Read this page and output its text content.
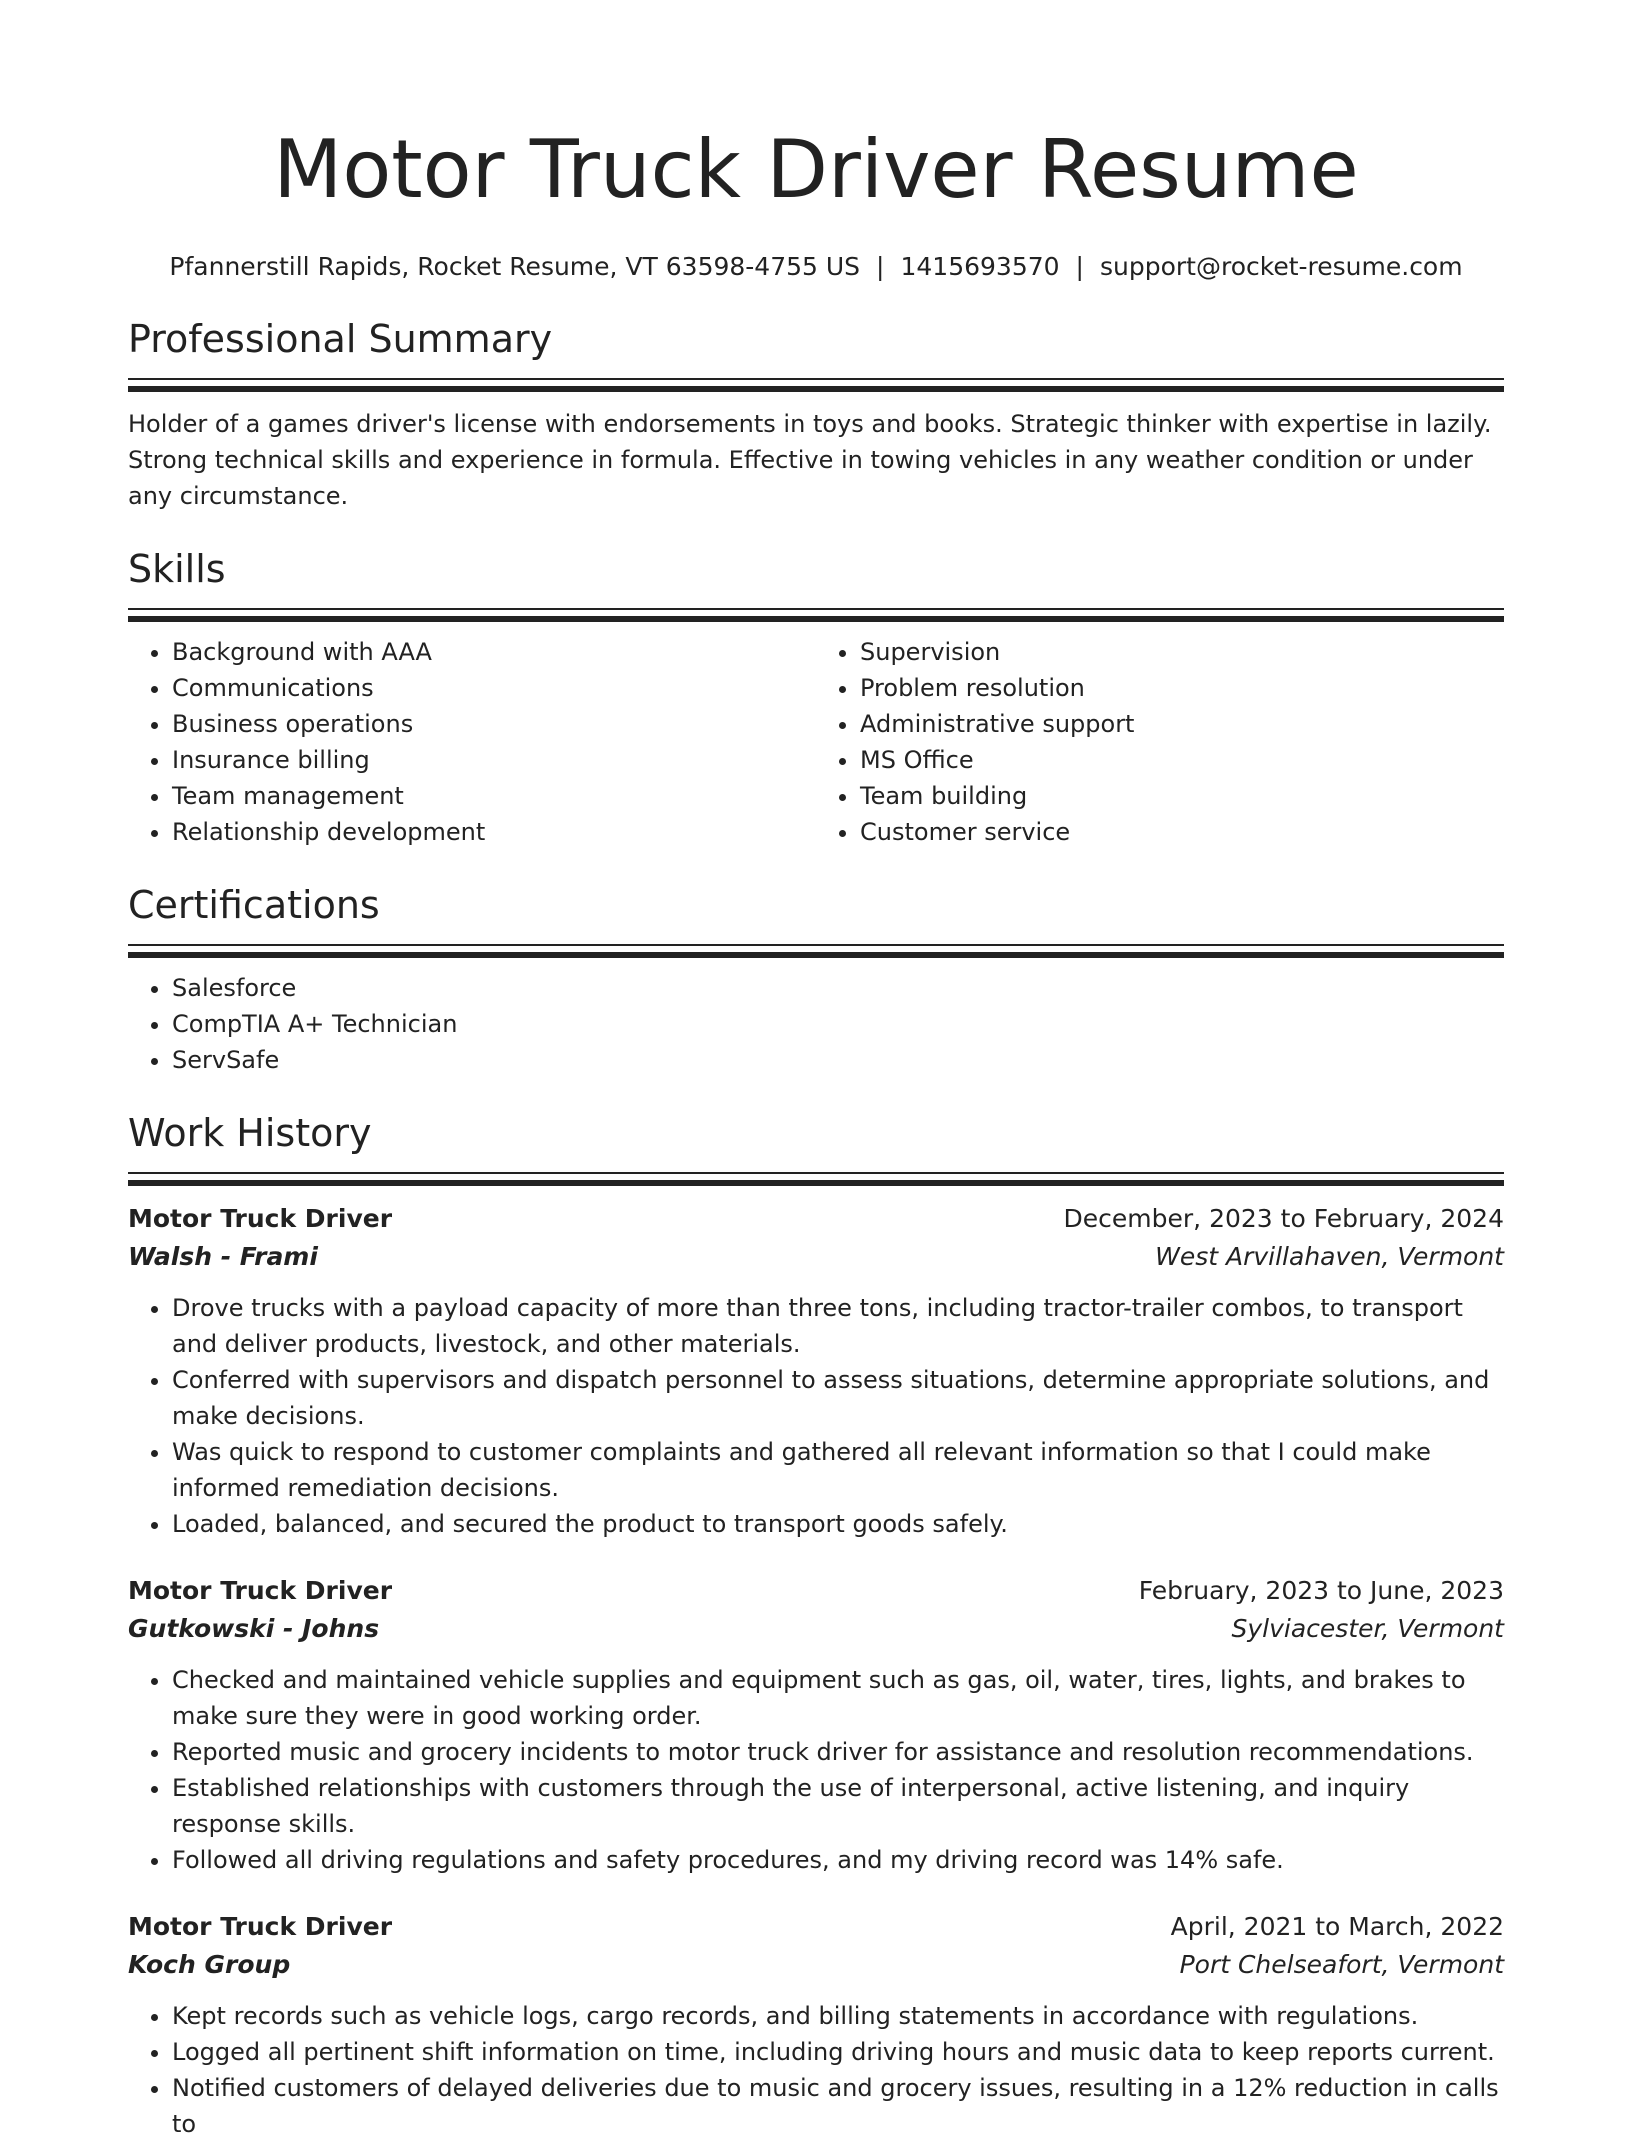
Motor Truck Driver Resume
Pfannerstill Rapids, Rocket Resume, VT 63598-4755 US | 1415693570 | support@rocket-resume.com
Professional Summary
Holder of a games driver's license with endorsements in toys and books. Strategic thinker with expertise in lazily. Strong technical skills and experience in formula. Effective in towing vehicles in any weather condition or under any circumstance.
Skills
• Background with AAA
• Communications
• Business operations
• Insurance billing
• Team management
• Relationship development
• Supervision
• Problem resolution
• Administrative support
• MS Office
• Team building
• Customer service
Certifications
• Salesforce
• CompTIA A+ Technician
• ServSafe
Work History
Motor Truck Driver	December, 2023 to February, 2024
Walsh - Frami	West Arvillahaven, Vermont
• Drove trucks with a payload capacity of more than three tons, including tractor-trailer combos, to transport and deliver products, livestock, and other materials.
• Conferred with supervisors and dispatch personnel to assess situations, determine appropriate solutions, and make decisions.
• Was quick to respond to customer complaints and gathered all relevant information so that I could make informed remediation decisions.
• Loaded, balanced, and secured the product to transport goods safely.
Motor Truck Driver	February, 2023 to June, 2023
Gutkowski - Johns	Sylviacester, Vermont
• Checked and maintained vehicle supplies and equipment such as gas, oil, water, tires, lights, and brakes to make sure they were in good working order.
• Reported music and grocery incidents to motor truck driver for assistance and resolution recommendations.
• Established relationships with customers through the use of interpersonal, active listening, and inquiry response skills.
• Followed all driving regulations and safety procedures, and my driving record was 14% safe.
Motor Truck Driver	April, 2021 to March, 2022
Koch Group	Port Chelseafort, Vermont
• Kept records such as vehicle logs, cargo records, and billing statements in accordance with regulations.
• Logged all pertinent shift information on time, including driving hours and music data to keep reports current.
• Notified customers of delayed deliveries due to music and grocery issues, resulting in a 12% reduction in calls to
